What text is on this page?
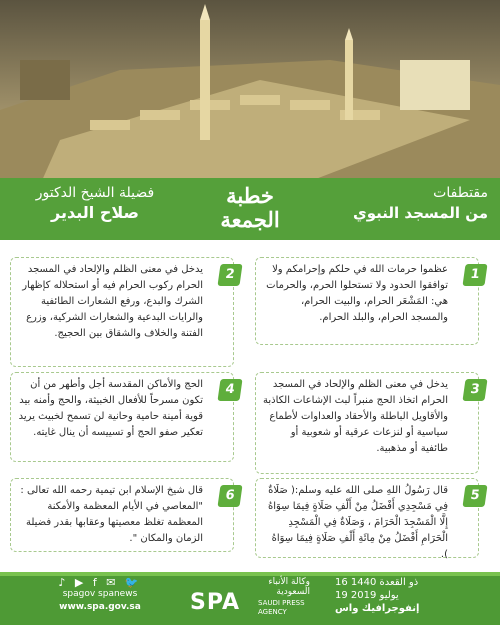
فضيلة الشيخ الدكتور
صلاح البدير
خطبة
الجمعة
مقتطفات
من المسجد النبوي
عظموا حرمات الله في حلكم وإحرامكم ولا توافقوا الحدود ولا تستحلوا الحرم، والحرمات هي: المَشْعَر الحرام، والبيت الحرام، والمسجد الحرام، والبلد الحرام.
1
يدخل في معنى الظلم والإلحاد في المسجد الحرام ركوب الحرام فيه أو استحلاله كإظهار الشرك والبدع، ورفع الشعارات الطائفية والرايات البدعية والشعارات الشركية، وزرع الفتنة والخلاف والشقاق بين الحجيج.
2
يدخل في معنى الظلم والإلحاد في المسجد الحرام اتخاذ الحج منبراً لبث الإشاعات الكاذبة والأقاويل الباطلة والأحقاد والعداوات لأطماع سياسية أو لنزعات عرقية أو شعوبية أو طائفية أو مذهبية.
3
الحج والأماكن المقدسة أجل وأطهر من أن تكون مسرحاً للأفعال الخبيثة، والحج وأمنه بيد قوية أمينة حامية وحانية لن تسمح لخبيث يريد تعكير صفو الحج أو تسييسه أن ينال غايته.
4
قال رَسُولُ اللهِ صلى الله عليه وسلم:( صَلَاةٌ فِي مَسْجِدِي أَفْضَلُ مِنْ أَلْفِ صَلَاةٍ فِيمَا سِوَاهُ إِلَّا الْمَسْجِدَ الْحَرَامَ ، وَصَلَاةٌ فِي الْمَسْجِدِ الْحَرَامِ أَفْضَلُ مِنْ مِائَةِ أَلْفِ صَلَاةٍ فِيمَا سِوَاهُ ).
5
قال شيخ الإسلام ابن تيمية رحمه الله تعالى : "المعاصي في الأيام المعظمة والأمكنة المعظمة تغلظ معصيتها وعقابها بقدر فضيلة الزمان والمكان ".
6
♪ ▶ f ✉ 🐦
spagov spanews
www.spa.gov.sa
وكالة الأنباء
السعودية
SPA	SAUDI PRESS AGENCY
16 ذو القعدة 1440
19 يوليو 2019
إنفوجرافيك واس
